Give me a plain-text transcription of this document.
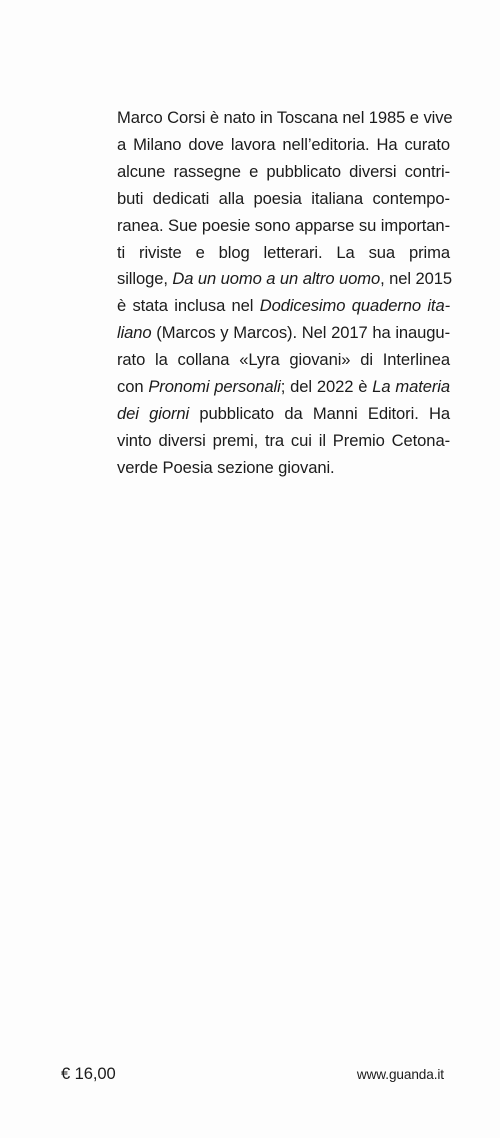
Marco Corsi è nato in Toscana nel 1985 e vive
a Milano dove lavora nell’editoria. Ha curato
alcune rassegne e pubblicato diversi contri-
buti dedicati alla poesia italiana contempo-
ranea. Sue poesie sono apparse su importan-
ti riviste e blog letterari. La sua prima
silloge, Da un uomo a un altro uomo, nel 2015
è stata inclusa nel Dodicesimo quaderno ita-
liano (Marcos y Marcos). Nel 2017 ha inaugu-
rato la collana «Lyra giovani» di Interlinea
con Pronomi personali; del 2022 è La materia
dei giorni pubblicato da Manni Editori. Ha
vinto diversi premi, tra cui il Premio Cetona-
verde Poesia sezione giovani.
€ 16,00	www.guanda.it
